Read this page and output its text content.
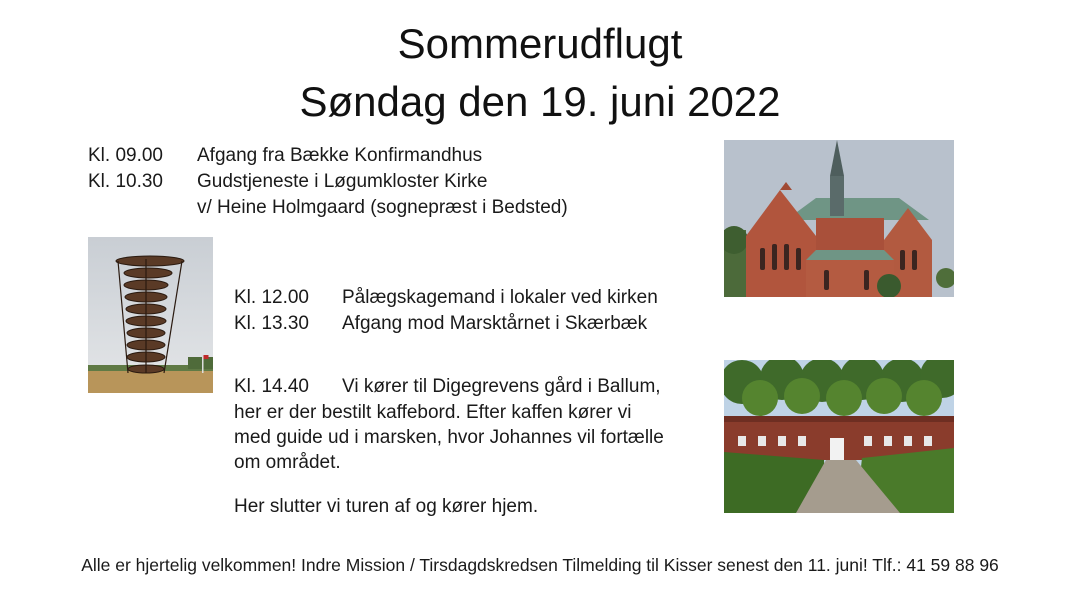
Sommerudflugt
Søndag den 19. juni 2022
Kl. 09.00 Afgang fra Bække Konfirmandhus
Kl. 10.30 Gudstjeneste i Løgumkloster Kirke
v/ Heine Holmgaard (sognepræst i Bedsted)
Kl. 12.00 Pålægskagemand i lokaler ved kirken
Kl. 13.30 Afgang mod Marsktårnet i Skærbæk
Kl. 14.40 Vi kører til Digegrevens gård i Ballum,
her er der bestilt kaffebord. Efter kaffen kører vi
med guide ud i marsken, hvor Johannes vil fortælle
om området.
Her slutter vi turen af og kører hjem.
Alle er hjertelig velkommen! Indre Mission / Tirsdagdskredsen Tilmelding til Kisser senest den 11. juni! Tlf.: 41 59 88 96
